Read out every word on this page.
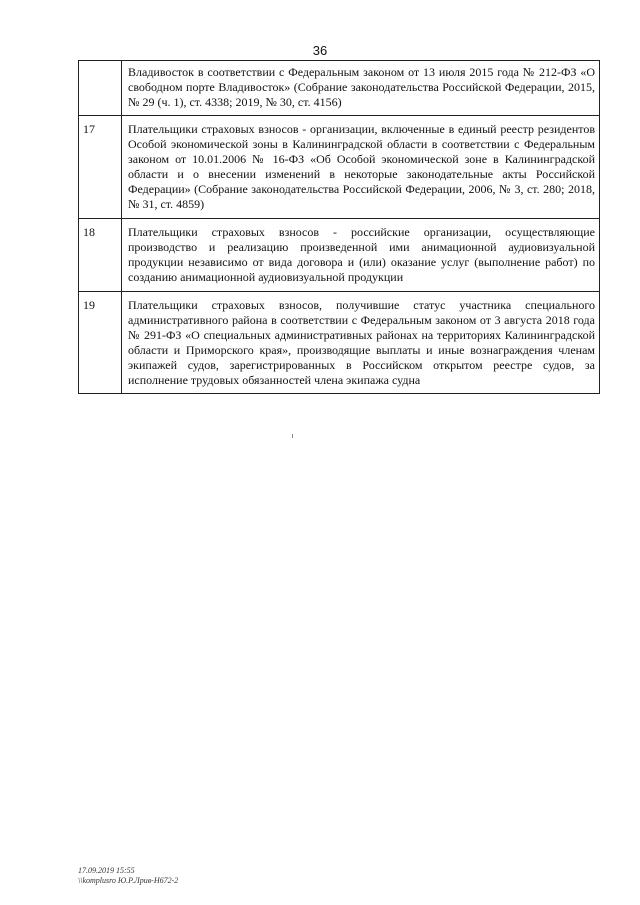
36
	Владивосток в соответствии с Федеральным законом от 13 июля 2015 года № 212-ФЗ «О свободном порте Владивосток» (Собрание законодательства Российской Федерации, 2015, № 29 (ч. 1), ст. 4338; 2019, № 30, ст. 4156)
17	Плательщики страховых взносов - организации, включенные в единый реестр резидентов Особой экономической зоны в Калининградской области в соответствии с Федеральным законом от 10.01.2006 № 16-ФЗ «Об Особой экономической зоне в Калининградской области и о внесении изменений в некоторые законодательные акты Российской Федерации» (Собрание законодательства Российской Федерации, 2006, № 3, ст. 280; 2018, № 31, ст. 4859)
18	Плательщики страховых взносов - российские организации, осуществляющие производство и реализацию произведенной ими анимационной аудиовизуальной продукции независимо от вида договора и (или) оказание услуг (выполнение работ) по созданию анимационной аудиовизуальной продукции
19	Плательщики страховых взносов, получившие статус участника специального административного района в соответствии с Федеральным законом от 3 августа 2018 года № 291-ФЗ «О специальных административных районах на территориях Калининградской области и Приморского края», производящие выплаты и иные вознаграждения членам экипажей судов, зарегистрированных в Российском открытом реестре судов, за исполнение трудовых обязанностей члена экипажа судна
17.09.2019 15:55
\\komplusro Ю.Р.Лрив-Н672-2
